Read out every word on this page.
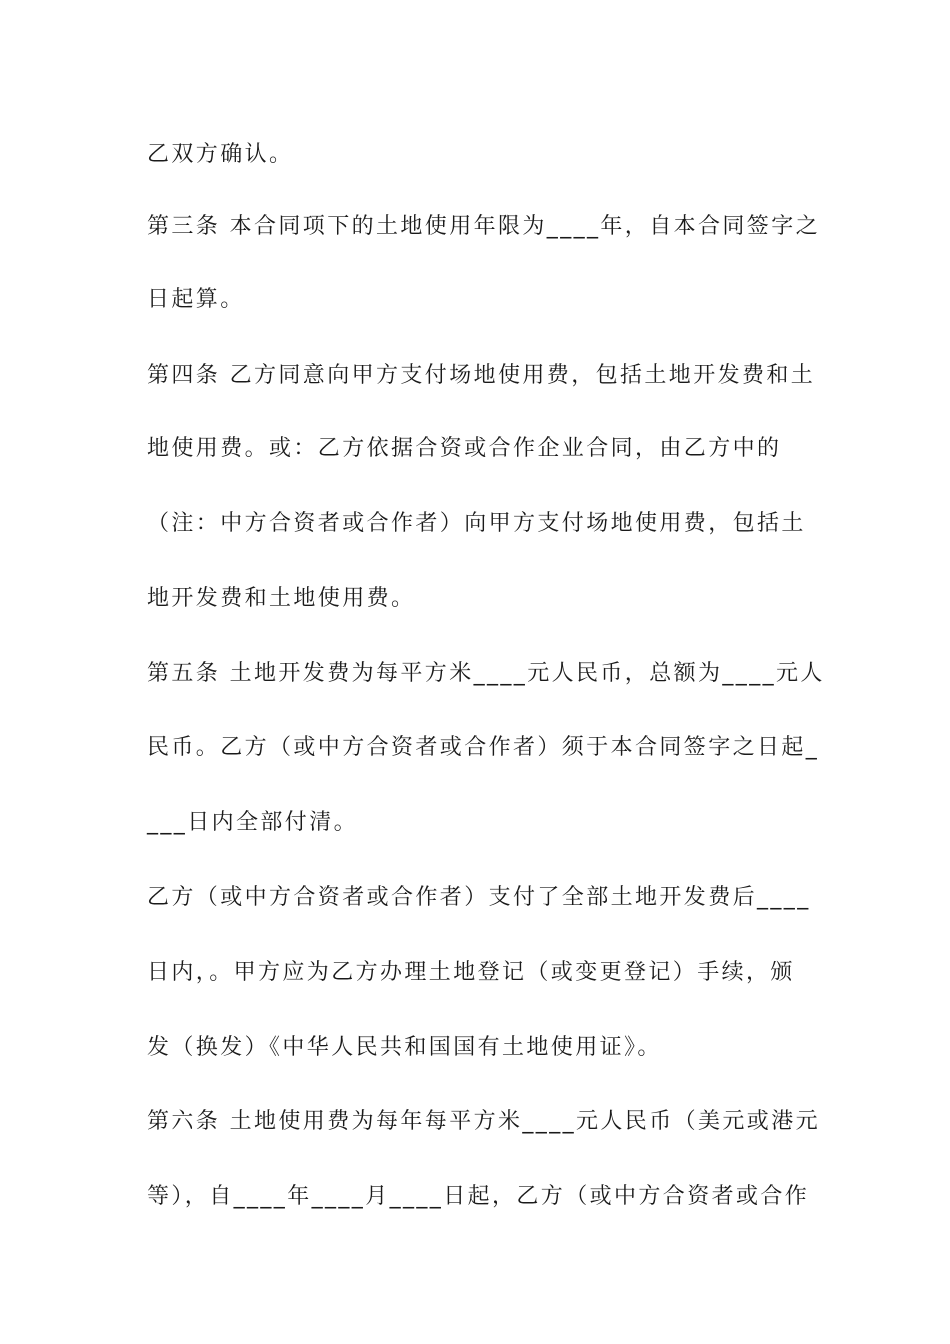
乙双方确认。
第三条 本合同项下的土地使用年限为____年，自本合同签字之
日起算。
第四条 乙方同意向甲方支付场地使用费，包括土地开发费和土
地使用费。或：乙方依据合资或合作企业合同，由乙方中的
（注：中方合资者或合作者）向甲方支付场地使用费，包括土
地开发费和土地使用费。
第五条 土地开发费为每平方米____元人民币，总额为____元人
民币。乙方（或中方合资者或合作者）须于本合同签字之日起_
___日内全部付清。
乙方（或中方合资者或合作者）支付了全部土地开发费后____
日内，。甲方应为乙方办理土地登记（或变更登记）手续，颁
发（换发）《中华人民共和国国有土地使用证》。
第六条 土地使用费为每年每平方米____元人民币（美元或港元
等），自____年____月____日起，乙方（或中方合资者或合作
